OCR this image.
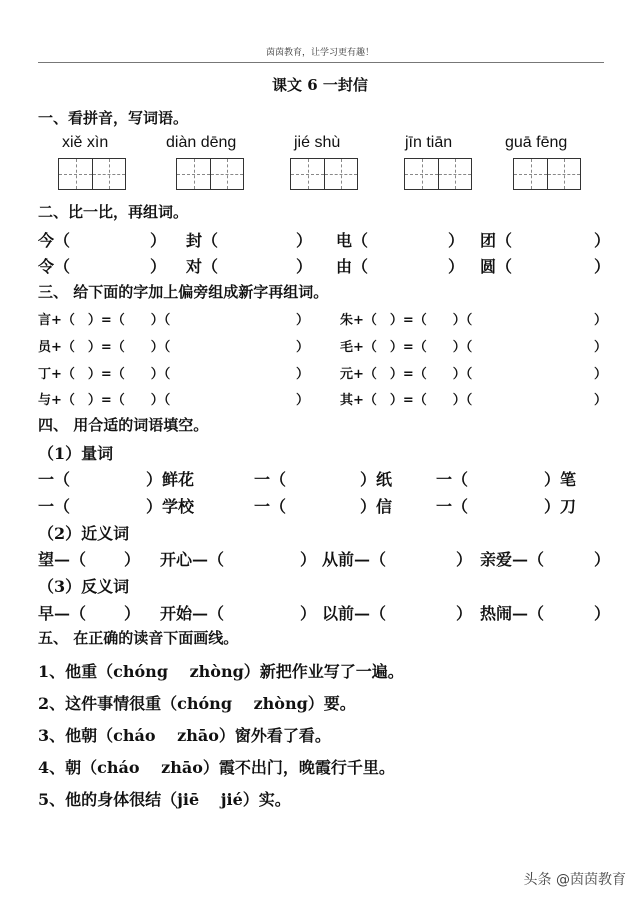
茵茵教育，让学习更有趣！
课文 6 一封信
一、看拼音，写词语。
xiě xìn	diàn dēng	jié shù	jīn tiān	guā fēng
二、比一比，再组词。
今（	） 封（	） 电（	） 团（	）
令（	） 对（	） 由（	） 圆（	）
三、 给下面的字加上偏旁组成新字再组词。
言+（　）=（　　）（	） 朱+（　）=（　　）（	）
员+（　）=（　　）（	） 毛+（　）=（　　）（	）
丁+（　）=（　　）（	） 元+（　）=（　　）（	）
与+（　）=（　　）（	） 其+（　）=（　　）（	）
四、 用合适的词语填空。
（1）量词
一（	）鲜花	一（	）纸	一（	）笔
一（	）学校	一（	）信	一（	）刀
（2）近义词
望—（ ） 开心—（	） 从前—（	） 亲爱—（	）
（3）反义词
早—（ ） 开始—（	） 以前—（	） 热闹—（	）
五、 在正确的读音下面画线。
1、他重（chóng　 zhòng）新把作业写了一遍。
2、这件事情很重（chóng　 zhòng）要。
3、他朝（cháo　 zhāo）窗外看了看。
4、朝（cháo　 zhāo）霞不出门，晚霞行千里。
5、他的身体很结（jiē　 jié）实。
头条 @茵茵教育
